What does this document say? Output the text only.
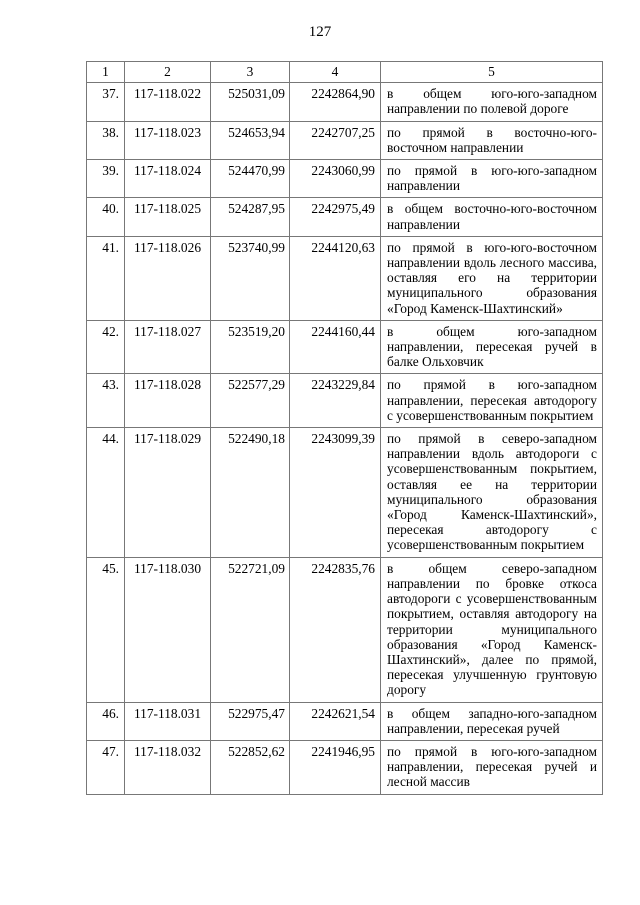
127
1	2	3	4	5
37.	117-118.022	525031,09	2242864,90	в общем юго-юго-западном направлении по полевой дороге
38.	117-118.023	524653,94	2242707,25	по прямой в восточно-юго-восточном направлении
39.	117-118.024	524470,99	2243060,99	по прямой в юго-юго-западном направлении
40.	117-118.025	524287,95	2242975,49	в общем восточно-юго-восточном направлении
41.	117-118.026	523740,99	2244120,63	по прямой в юго-юго-восточном направлении вдоль лесного массива, оставляя его на территории муниципального образования «Город Каменск-Шахтинский»
42.	117-118.027	523519,20	2244160,44	в общем юго-западном направлении, пересекая ручей в балке Ольховчик
43.	117-118.028	522577,29	2243229,84	по прямой в юго-западном направлении, пересекая автодорогу с усовершенствованным покрытием
44.	117-118.029	522490,18	2243099,39	по прямой в северо-западном направлении вдоль автодороги с усовершенствованным покрытием, оставляя ее на территории муниципального образования «Город Каменск-Шахтинский», пересекая автодорогу с усовершенствованным покрытием
45.	117-118.030	522721,09	2242835,76	в общем северо-западном направлении по бровке откоса автодороги с усовершенствованным покрытием, оставляя автодорогу на территории муниципального образования «Город Каменск-Шахтинский», далее по прямой, пересекая улучшенную грунтовую дорогу
46.	117-118.031	522975,47	2242621,54	в общем западно-юго-западном направлении, пересекая ручей
47.	117-118.032	522852,62	2241946,95	по прямой в юго-юго-западном направлении, пересекая ручей и лесной массив
